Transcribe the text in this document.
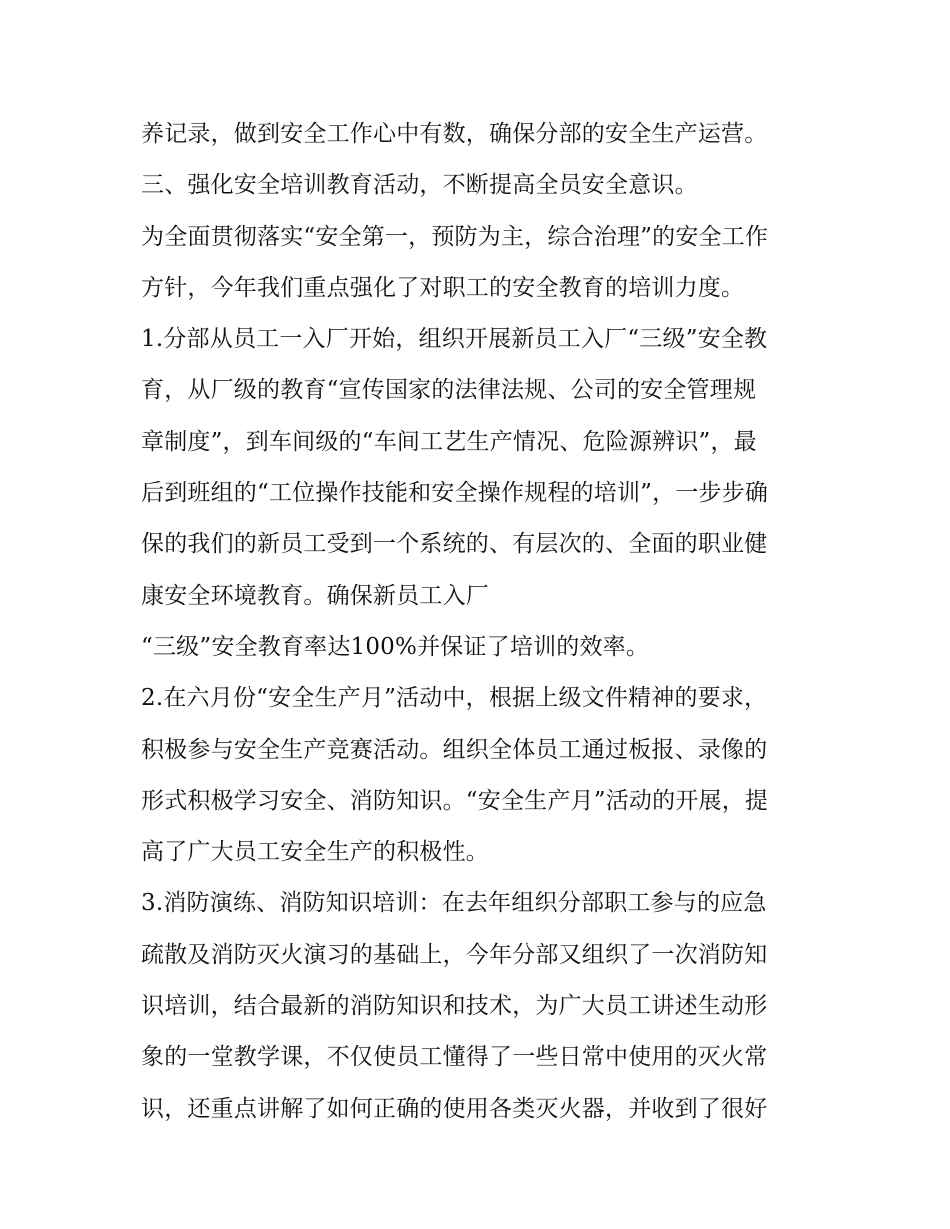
养记录，做到安全工作心中有数，确保分部的安全生产运营。
三、强化安全培训教育活动，不断提高全员安全意识。
为全面贯彻落实“安全第一，预防为主，综合治理”的安全工作
方针，今年我们重点强化了对职工的安全教育的培训力度。
1.分部从员工一入厂开始，组织开展新员工入厂“三级”安全教
育，从厂级的教育“宣传国家的法律法规、公司的安全管理规
章制度”，到车间级的“车间工艺生产情况、危险源辨识”，最
后到班组的“工位操作技能和安全操作规程的培训”，一步步确
保的我们的新员工受到一个系统的、有层次的、全面的职业健
康安全环境教育。确保新员工入厂
“三级”安全教育率达100%并保证了培训的效率。
2.在六月份“安全生产月”活动中，根据上级文件精神的要求，
积极参与安全生产竞赛活动。组织全体员工通过板报、录像的
形式积极学习安全、消防知识。“安全生产月”活动的开展，提
高了广大员工安全生产的积极性。
3.消防演练、消防知识培训：在去年组织分部职工参与的应急
疏散及消防灭火演习的基础上，今年分部又组织了一次消防知
识培训，结合最新的消防知识和技术，为广大员工讲述生动形
象的一堂教学课，不仅使员工懂得了一些日常中使用的灭火常
识，还重点讲解了如何正确的使用各类灭火器，并收到了很好
